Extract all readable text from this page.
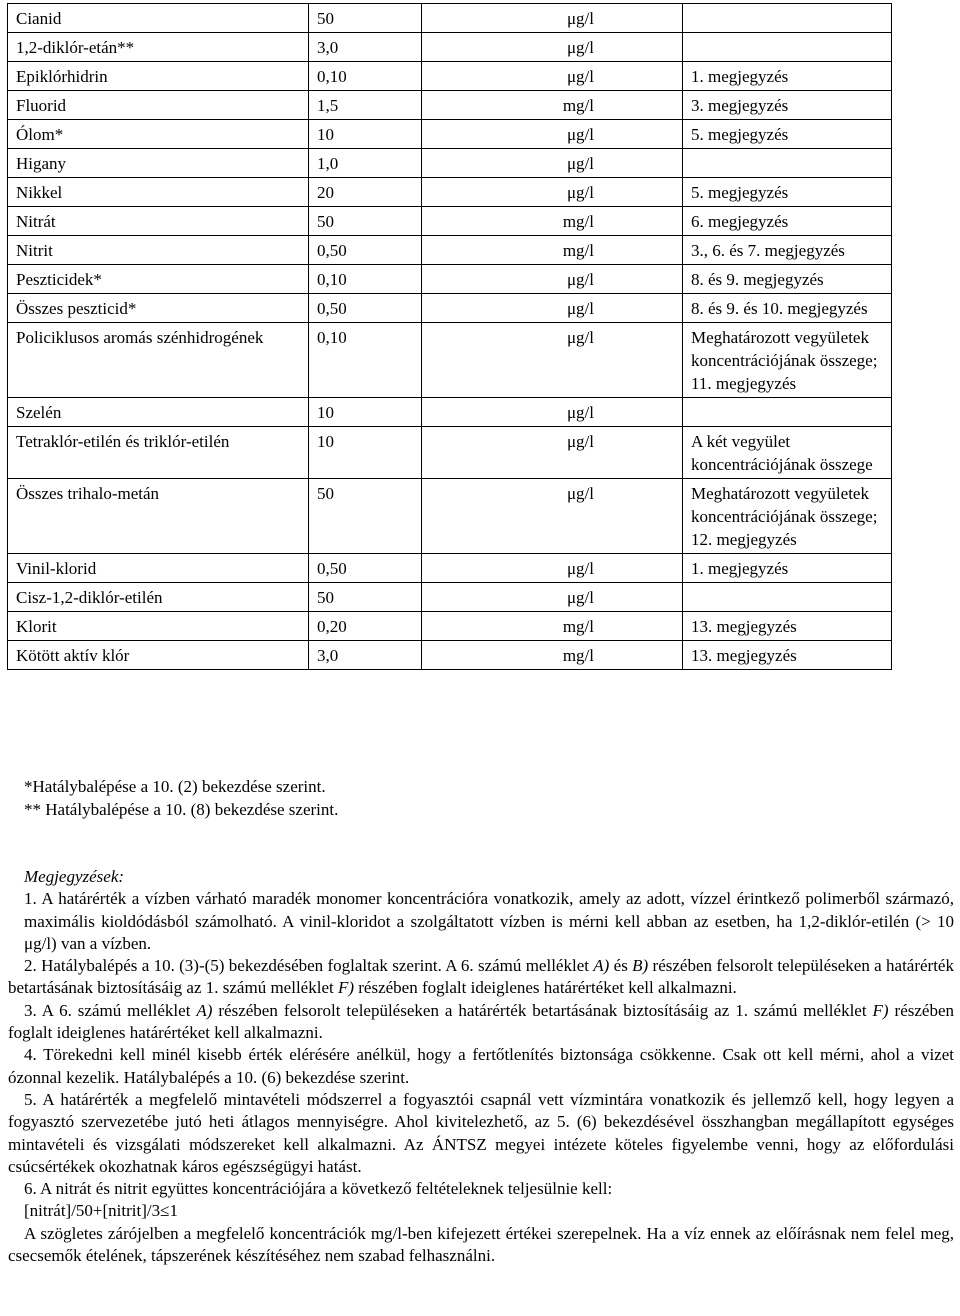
Cianid	50	μg/l	
1,2-diklór-etán**	3,0	μg/l	
Epiklórhidrin	0,10	μg/l	1. megjegyzés
Fluorid	1,5	mg/l	3. megjegyzés
Ólom*	10	μg/l	5. megjegyzés
Higany	1,0	μg/l	
Nikkel	20	μg/l	5. megjegyzés
Nitrát	50	mg/l	6. megjegyzés
Nitrit	0,50	mg/l	3., 6. és 7. megjegyzés
Peszticidek*	0,10	μg/l	8. és 9. megjegyzés
Összes peszticid*	0,50	μg/l	8. és 9. és 10. megjegyzés
Policiklusos aromás szénhidrogének	0,10	μg/l	Meghatározott vegyületek koncentrációjának összege; 11. megjegyzés
Szelén	10	μg/l	
Tetraklór-etilén és triklór-etilén	10	μg/l	A két vegyület koncentrációjának összege
Összes trihalo-metán	50	μg/l	Meghatározott vegyületek koncentrációjának összege; 12. megjegyzés
Vinil-klorid	0,50	μg/l	1. megjegyzés
Cisz-1,2-diklór-etilén	50	μg/l	
Klorit	0,20	mg/l	13. megjegyzés
Kötött aktív klór	3,0	mg/l	13. megjegyzés
*Hatálybalépése a 10. (2) bekezdése szerint.
** Hatálybalépése a 10. (8) bekezdése szerint.
Megjegyzések:

1. A határérték a vízben várható maradék monomer koncentrációra vonatkozik, amely az adott, vízzel érintkező polimerből származó, maximális kioldódásból számolható. A vinil-kloridot a szolgáltatott vízben is mérni kell abban az esetben, ha 1,2-diklór-etilén (> 10 μg/l) van a vízben.

2. Hatálybalépés a 10. (3)-(5) bekezdésében foglaltak szerint. A 6. számú melléklet A) és B) részében felsorolt településeken a határérték betartásának biztosításáig az 1. számú melléklet F) részében foglalt ideiglenes határértéket kell alkalmazni.

3. A 6. számú melléklet A) részében felsorolt településeken a határérték betartásának biztosításáig az 1. számú melléklet F) részében foglalt ideiglenes határértéket kell alkalmazni.

4. Törekedni kell minél kisebb érték elérésére anélkül, hogy a fertőtlenítés biztonsága csökkenne. Csak ott kell mérni, ahol a vizet ózonnal kezelik. Hatálybalépés a 10. (6) bekezdése szerint.

5. A határérték a megfelelő mintavételi módszerrel a fogyasztói csapnál vett vízmintára vonatkozik és jellemző kell, hogy legyen a fogyasztó szervezetébe jutó heti átlagos mennyiségre. Ahol kivitelezhető, az 5. (6) bekezdésével összhangban megállapított egységes mintavételi és vizsgálati módszereket kell alkalmazni. Az ÁNTSZ megyei intézete köteles figyelembe venni, hogy az előfordulási csúcsértékek okozhatnak káros egészségügyi hatást.

6. A nitrát és nitrit együttes koncentrációjára a következő feltételeknek teljesülnie kell:

[nitrát]/50+[nitrit]/3≤1

A szögletes zárójelben a megfelelő koncentrációk mg/l-ben kifejezett értékei szerepelnek. Ha a víz ennek az előírásnak nem felel meg, csecsemők ételének, tápszerének készítéséhez nem szabad felhasználni.
